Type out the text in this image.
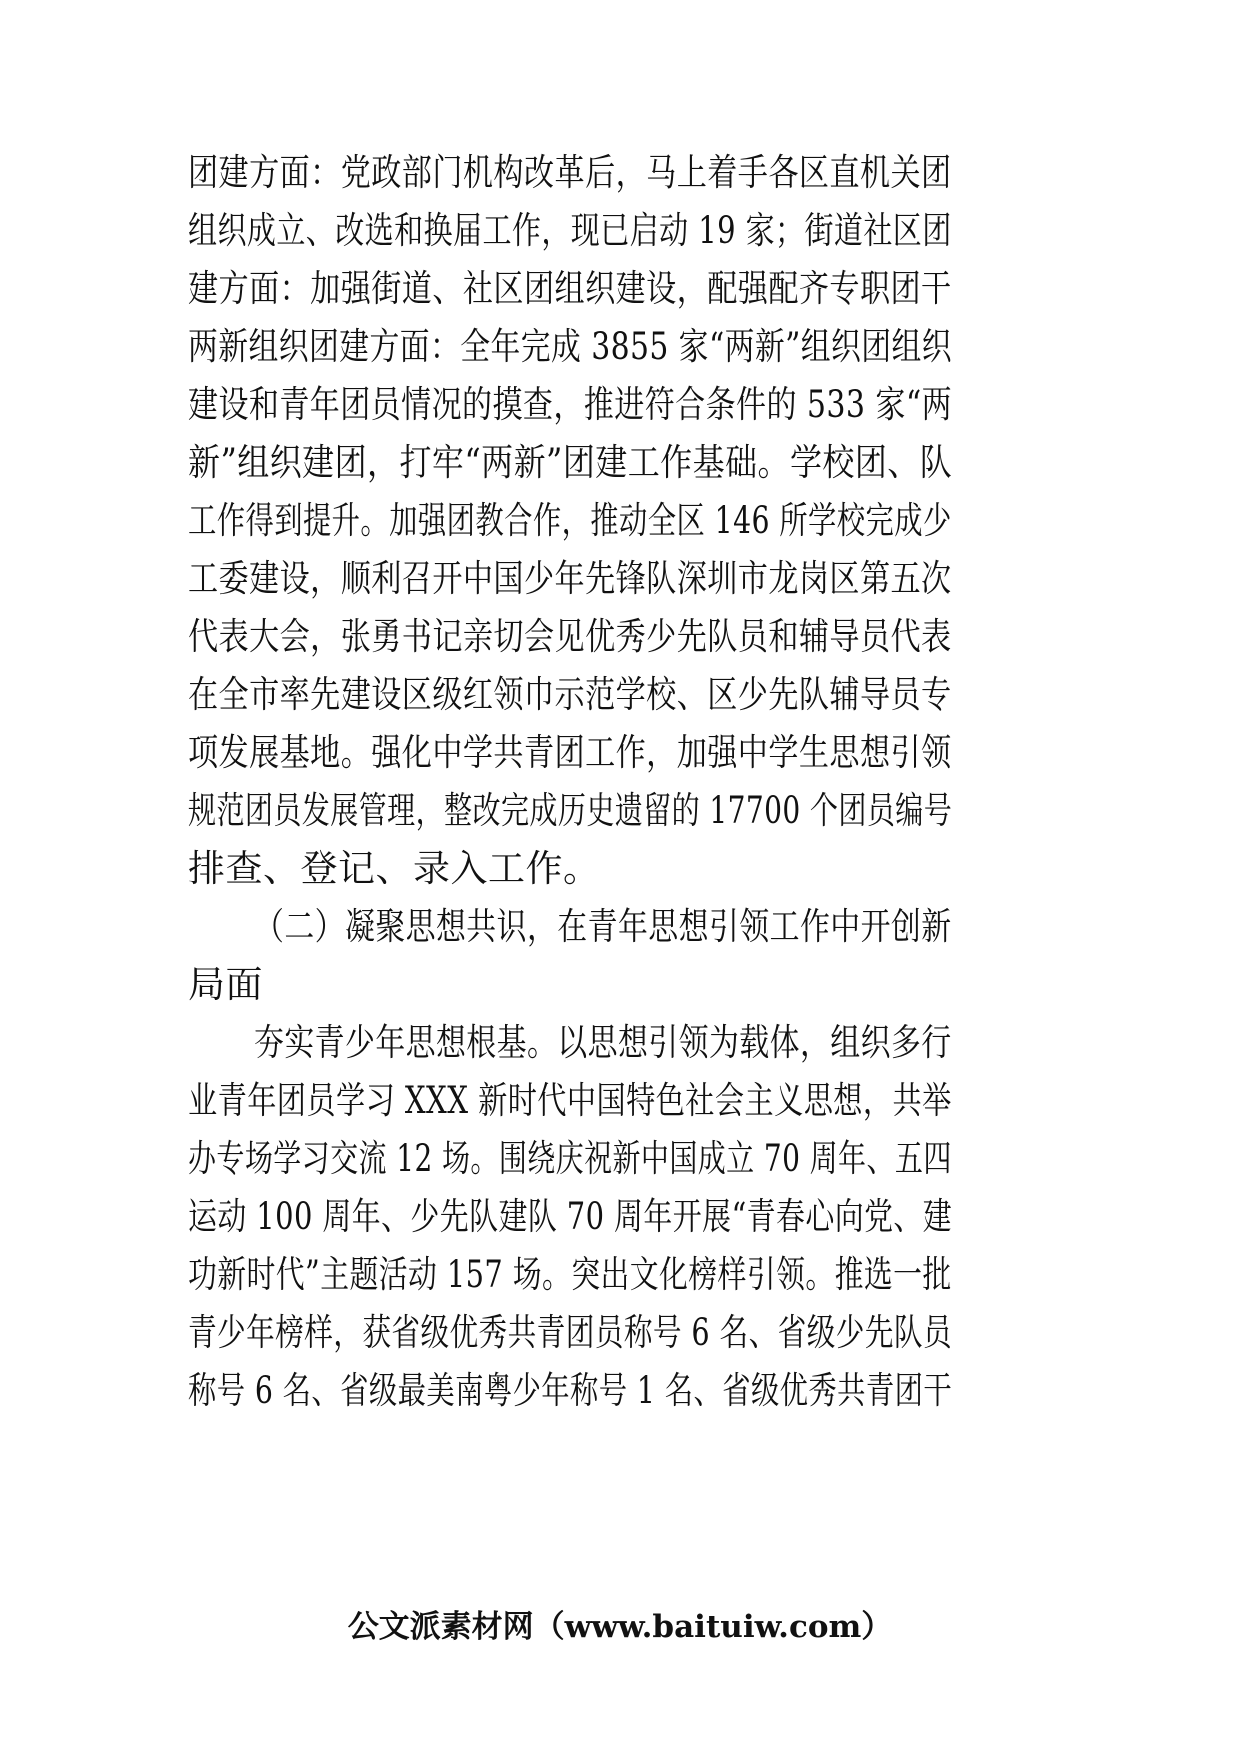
团建方面：党政部门机构改革后，马上着手各区直机关团
组织成立、改选和换届工作，现已启动 19 家；街道社区团
建方面：加强街道、社区团组织建设，配强配齐专职团干
两新组织团建方面：全年完成 3855 家“两新”组织团组织
建设和青年团员情况的摸查，推进符合条件的 533 家“两
新”组织建团，打牢“两新”团建工作基础。学校团、队
工作得到提升。加强团教合作，推动全区 146 所学校完成少
工委建设，顺利召开中国少年先锋队深圳市龙岗区第五次
代表大会，张勇书记亲切会见优秀少先队员和辅导员代表
在全市率先建设区级红领巾示范学校、区少先队辅导员专
项发展基地。强化中学共青团工作，加强中学生思想引领
规范团员发展管理，整改完成历史遗留的 17700 个团员编号
排查、登记、录入工作。
（二）凝聚思想共识，在青年思想引领工作中开创新
局面
夯实青少年思想根基。以思想引领为载体，组织多行
业青年团员学习 XXX 新时代中国特色社会主义思想，共举
办专场学习交流 12 场。围绕庆祝新中国成立 70 周年、五四
运动 100 周年、少先队建队 70 周年开展“青春心向党、建
功新时代”主题活动 157 场。突出文化榜样引领。推选一批
青少年榜样，获省级优秀共青团员称号 6 名、省级少先队员
称号 6 名、省级最美南粤少年称号 1 名、省级优秀共青团干
公文派素材网（www.baituiw.com）
